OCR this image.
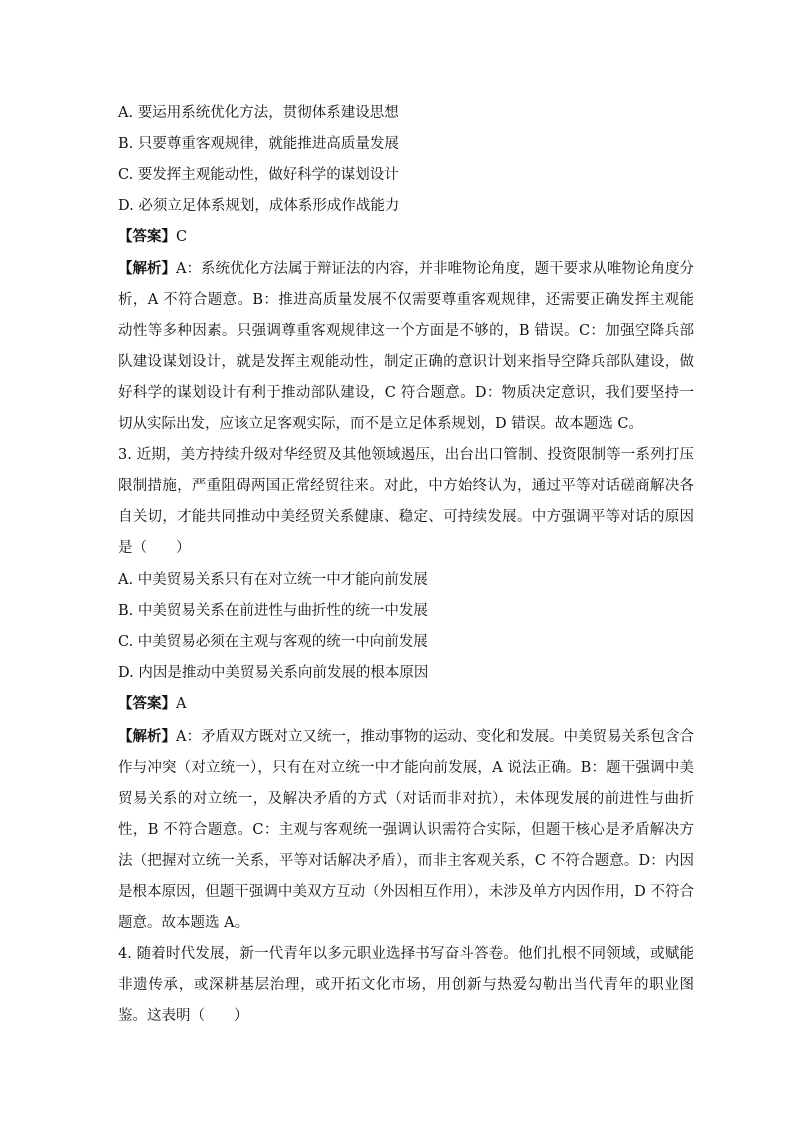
A. 要运用系统优化方法，贯彻体系建设思想
B. 只要尊重客观规律，就能推进高质量发展
C. 要发挥主观能动性，做好科学的谋划设计
D. 必须立足体系规划，成体系形成作战能力
【答案】C
【解析】A：系统优化方法属于辩证法的内容，并非唯物论角度，题干要求从唯物论角度分析，A 不符合题意。B：推进高质量发展不仅需要尊重客观规律，还需要正确发挥主观能动性等多种因素。只强调尊重客观规律这一个方面是不够的，B 错误。C：加强空降兵部队建设谋划设计，就是发挥主观能动性，制定正确的意识计划来指导空降兵部队建设，做好科学的谋划设计有利于推动部队建设，C 符合题意。D：物质决定意识，我们要坚持一切从实际出发，应该立足客观实际，而不是立足体系规划，D 错误。故本题选 C。
3. 近期，美方持续升级对华经贸及其他领域遏压，出台出口管制、投资限制等一系列打压限制措施，严重阻碍两国正常经贸往来。对此，中方始终认为，通过平等对话磋商解决各自关切，才能共同推动中美经贸关系健康、稳定、可持续发展。中方强调平等对话的原因是（　　）
A. 中美贸易关系只有在对立统一中才能向前发展
B. 中美贸易关系在前进性与曲折性的统一中发展
C. 中美贸易必须在主观与客观的统一中向前发展
D. 内因是推动中美贸易关系向前发展的根本原因
【答案】A
【解析】A：矛盾双方既对立又统一，推动事物的运动、变化和发展。中美贸易关系包含合作与冲突（对立统一），只有在对立统一中才能向前发展，A 说法正确。B：题干强调中美贸易关系的对立统一，及解决矛盾的方式（对话而非对抗），未体现发展的前进性与曲折性，B 不符合题意。C：主观与客观统一强调认识需符合实际，但题干核心是矛盾解决方法（把握对立统一关系，平等对话解决矛盾），而非主客观关系，C 不符合题意。D：内因是根本原因，但题干强调中美双方互动（外因相互作用），未涉及单方内因作用，D 不符合题意。故本题选 A。
4. 随着时代发展，新一代青年以多元职业选择书写奋斗答卷。他们扎根不同领域，或赋能非遗传承，或深耕基层治理，或开拓文化市场，用创新与热爱勾勒出当代青年的职业图鉴。这表明（　　）
